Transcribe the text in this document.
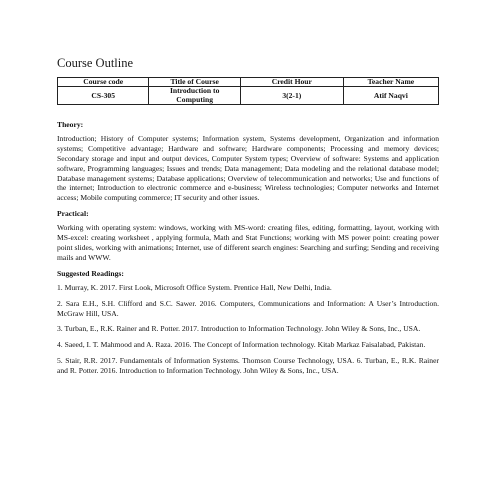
Course Outline
Course code	Title of Course	Credit Hour	Teacher Name
CS-305	Introduction to Computing	3(2-1)	Atif Naqvi
Theory:
Introduction; History of Computer systems; Information system, Systems development, Organization and information systems; Competitive advantage; Hardware and software; Hardware components; Processing and memory devices; Secondary storage and input and output devices, Computer System types; Overview of software: Systems and application software, Programming languages; Issues and trends; Data management; Data modeling and the relational database model; Database management systems; Database applications; Overview of telecommunication and networks; Use and functions of the internet; Introduction to electronic commerce and e-business; Wireless technologies; Computer networks and Internet access; Mobile computing commerce; IT security and other issues.
Practical:
Working with operating system: windows, working with MS-word: creating files, editing, formatting, layout, working with MS-excel: creating worksheet , applying formula, Math and Stat Functions; working with MS power point: creating power point slides, working with animations; Internet, use of different search engines: Searching and surfing; Sending and receiving mails and WWW.
Suggested Readings:
1. Murray, K. 2017. First Look, Microsoft Office System. Prentice Hall, New Delhi, India.
2. Sara E.H., S.H. Clifford and S.C. Sawer. 2016. Computers, Communications and Information: A User’s Introduction. McGraw Hill, USA.
3. Turban, E., R.K. Rainer and R. Potter. 2017. Introduction to Information Technology. John Wiley & Sons, Inc., USA.
4. Saeed, I. T. Mahmood and A. Raza. 2016. The Concept of Information technology. Kitab Markaz Faisalabad, Pakistan.
5. Stair, R.R. 2017. Fundamentals of Information Systems. Thomson Course Technology, USA. 6. Turban, E., R.K. Rainer and R. Potter. 2016. Introduction to Information Technology. John Wiley & Sons, Inc., USA.
